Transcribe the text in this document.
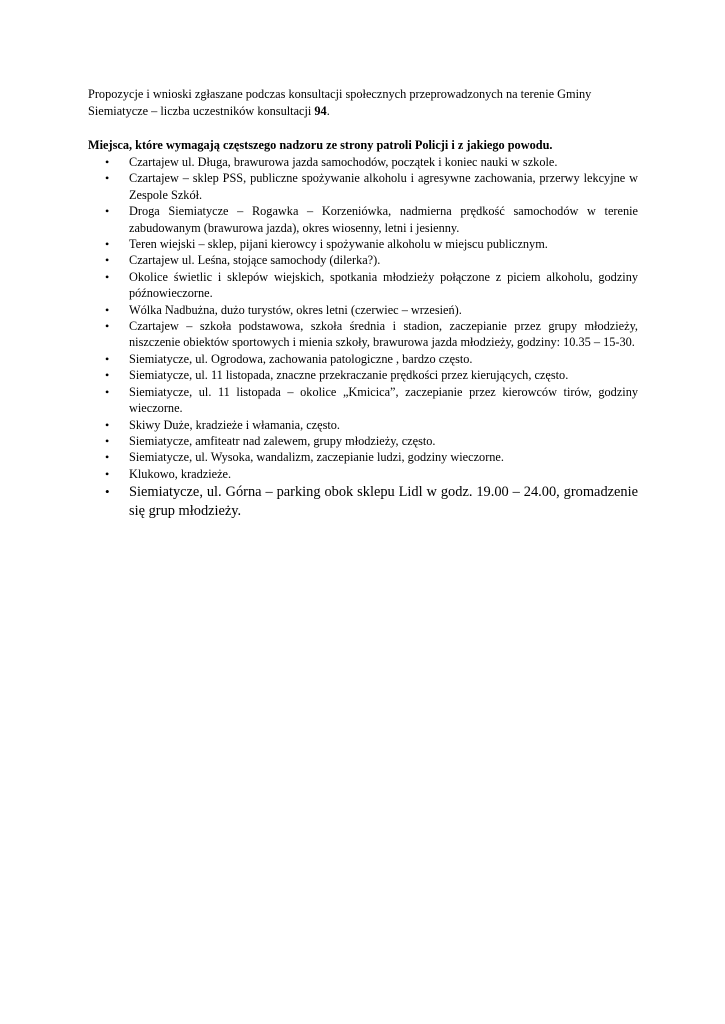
Propozycje i wnioski zgłaszane podczas konsultacji społecznych przeprowadzonych na terenie Gminy Siemiatycze – liczba uczestników konsultacji 94.

Miejsca, które wymagają częstszego nadzoru ze strony patroli Policji i z jakiego powodu.

• Czartajew ul. Długa, brawurowa jazda samochodów, początek i koniec nauki w szkole.
• Czartajew – sklep PSS, publiczne spożywanie alkoholu i agresywne zachowania, przerwy lekcyjne w Zespole Szkół.
• Droga Siemiatycze – Rogawka – Korzeniówka, nadmierna prędkość samochodów w terenie zabudowanym (brawurowa jazda), okres wiosenny, letni i jesienny.
• Teren wiejski – sklep, pijani kierowcy i spożywanie alkoholu w miejscu publicznym.
• Czartajew ul. Leśna, stojące samochody (dilerka?).
• Okolice świetlic i sklepów wiejskich, spotkania młodzieży połączone z piciem alkoholu, godziny późnowieczorne.
• Wólka Nadbużna, dużo turystów, okres letni (czerwiec – wrzesień).
• Czartajew – szkoła podstawowa, szkoła średnia i stadion, zaczepianie przez grupy młodzieży, niszczenie obiektów sportowych i mienia szkoły, brawurowa jazda młodzieży, godziny: 10.35 – 15-30.
• Siemiatycze, ul. Ogrodowa, zachowania patologiczne , bardzo często.
• Siemiatycze, ul. 11 listopada, znaczne przekraczanie prędkości przez kierujących, często.
• Siemiatycze, ul. 11 listopada – okolice „Kmicica”, zaczepianie przez kierowców tirów, godziny wieczorne.
• Skiwy Duże, kradzieże i włamania, często.
• Siemiatycze, amfiteatr nad zalewem, grupy młodzieży, często.
• Siemiatycze, ul. Wysoka, wandalizm, zaczepianie ludzi, godziny wieczorne.
• Klukowo, kradzieże.
• Siemiatycze, ul. Górna – parking obok sklepu Lidl w godz. 19.00 – 24.00, gromadzenie się grup młodzieży.
